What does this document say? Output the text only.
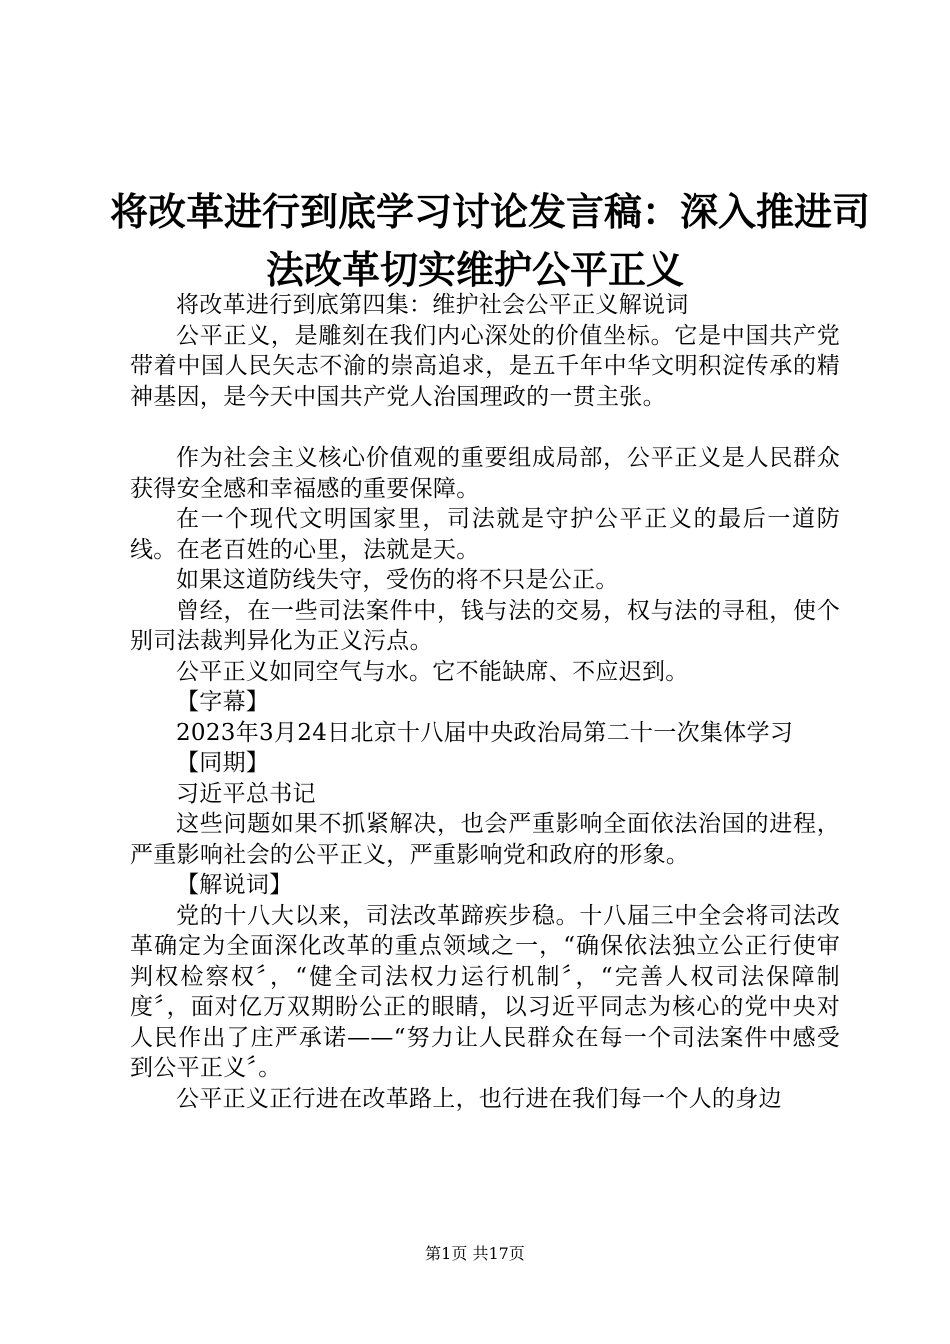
将改革进行到底学习讨论发言稿：深入推进司
法改革切实维护公平正义

将改革进行到底第四集：维护社会公平正义解说词

公平正义，是雕刻在我们内心深处的价值坐标。它是中国共产党带着中国人民矢志不渝的崇高追求，是五千年中华文明积淀传承的精神基因，是今天中国共产党人治国理政的一贯主张。

作为社会主义核心价值观的重要组成局部，公平正义是人民群众获得安全感和幸福感的重要保障。

在一个现代文明国家里，司法就是守护公平正义的最后一道防线。在老百姓的心里，法就是天。

如果这道防线失守，受伤的将不只是公正。

曾经，在一些司法案件中，钱与法的交易，权与法的寻租，使个别司法裁判异化为正义污点。

公平正义如同空气与水。它不能缺席、不应迟到。

【字幕】

2023年3月24日北京十八届中央政治局第二十一次集体学习

【同期】

习近平总书记

这些问题如果不抓紧解决，也会严重影响全面依法治国的进程，严重影响社会的公平正义，严重影响党和政府的形象。

【解说词】

党的十八大以来，司法改革蹄疾步稳。十八届三中全会将司法改革确定为全面深化改革的重点领域之一，“确保依法独立公正行使审判权检察权〞，“健全司法权力运行机制〞，“完善人权司法保障制度〞，面对亿万双期盼公正的眼睛，以习近平同志为核心的党中央对人民作出了庄严承诺——“努力让人民群众在每一个司法案件中感受到公平正义〞。

公平正义正行进在改革路上，也行进在我们每一个人的身边

第1页 共17页
